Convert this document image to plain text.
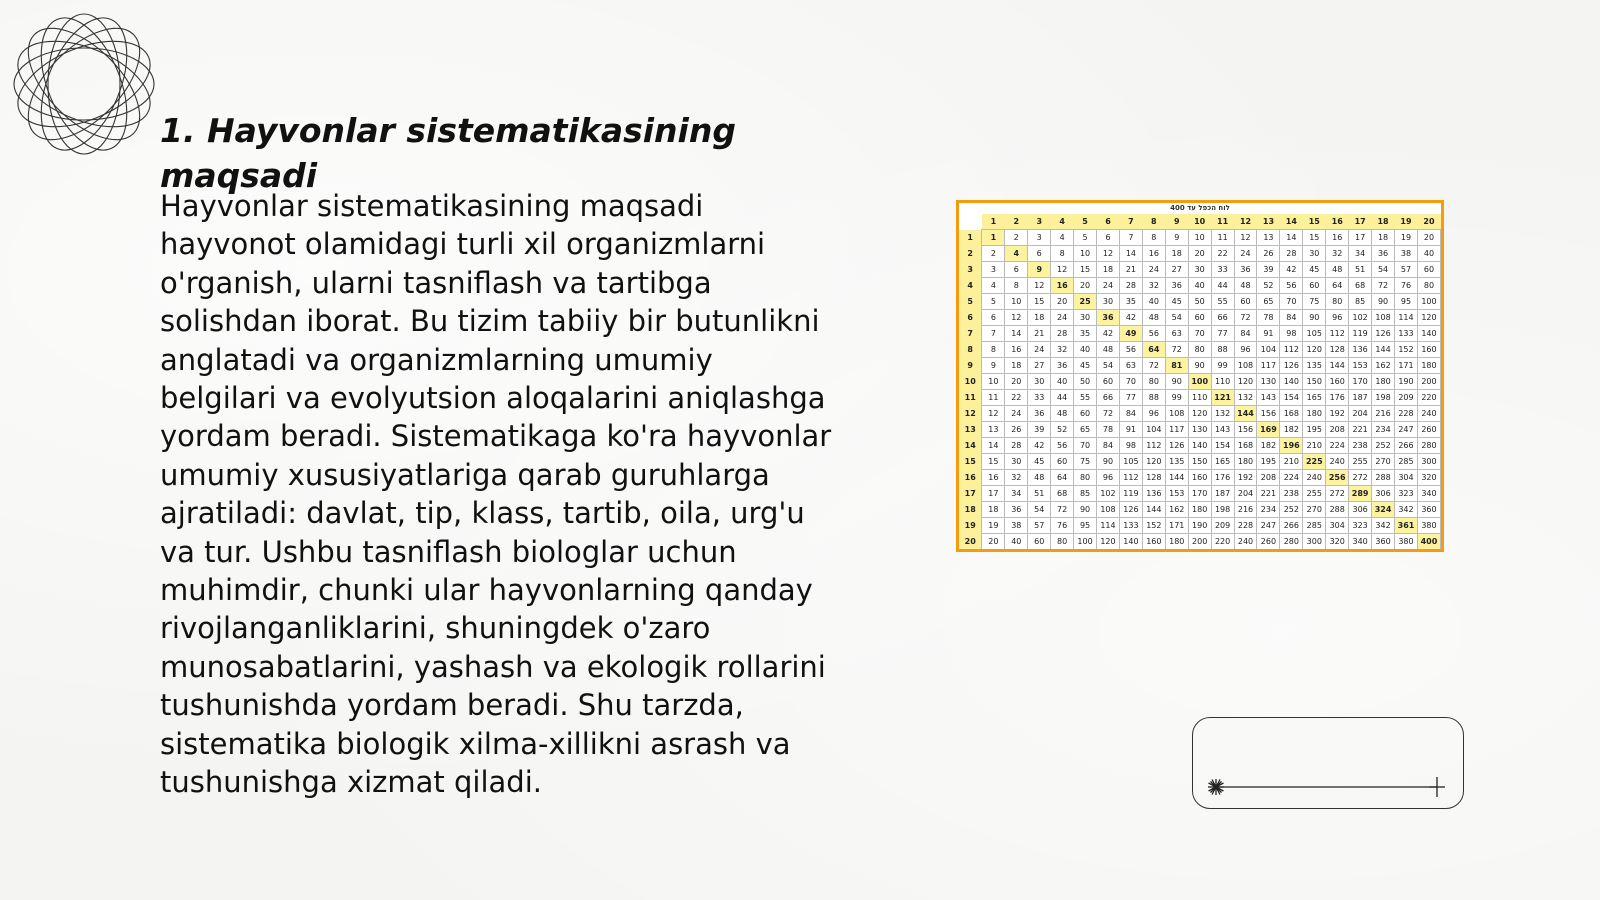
1. Hayvonlar sistematikasining maqsadi

Hayvonlar sistematikasining maqsadi hayvonot olamidagi turli xil organizmlarni o'rganish, ularni tasniflash va tartibga solishdan iborat. Bu tizim tabiiy bir butunlikni anglatadi va organizmlarning umumiy belgilari va evolyutsion aloqalarini aniqlashga yordam beradi. Sistematikaga ko'ra hayvonlar umumiy xususiyatlariga qarab guruhlarga ajratiladi: davlat, tip, klass, tartib, oila, urg'u va tur. Ushbu tasniflash biologlar uchun muhimdir, chunki ular hayvonlarning qanday rivojlanganliklarini, shuningdek o'zaro munosabatlarini, yashash va ekologik rollarini tushunishda yordam beradi. Shu tarzda, sistematika biologik xilma-xillikni asrash va tushunishga xizmat qiladi.

לוח הכפל עד 400
	1	2	3	4	5	6	7	8	9	10	11	12	13	14	15	16	17	18	19	20
1	1	2	3	4	5	6	7	8	9	10	11	12	13	14	15	16	17	18	19	20
2	2	4	6	8	10	12	14	16	18	20	22	24	26	28	30	32	34	36	38	40
3	3	6	9	12	15	18	21	24	27	30	33	36	39	42	45	48	51	54	57	60
4	4	8	12	16	20	24	28	32	36	40	44	48	52	56	60	64	68	72	76	80
5	5	10	15	20	25	30	35	40	45	50	55	60	65	70	75	80	85	90	95	100
6	6	12	18	24	30	36	42	48	54	60	66	72	78	84	90	96	102	108	114	120
7	7	14	21	28	35	42	49	56	63	70	77	84	91	98	105	112	119	126	133	140
8	8	16	24	32	40	48	56	64	72	80	88	96	104	112	120	128	136	144	152	160
9	9	18	27	36	45	54	63	72	81	90	99	108	117	126	135	144	153	162	171	180
10	10	20	30	40	50	60	70	80	90	100	110	120	130	140	150	160	170	180	190	200
11	11	22	33	44	55	66	77	88	99	110	121	132	143	154	165	176	187	198	209	220
12	12	24	36	48	60	72	84	96	108	120	132	144	156	168	180	192	204	216	228	240
13	13	26	39	52	65	78	91	104	117	130	143	156	169	182	195	208	221	234	247	260
14	14	28	42	56	70	84	98	112	126	140	154	168	182	196	210	224	238	252	266	280
15	15	30	45	60	75	90	105	120	135	150	165	180	195	210	225	240	255	270	285	300
16	16	32	48	64	80	96	112	128	144	160	176	192	208	224	240	256	272	288	304	320
17	17	34	51	68	85	102	119	136	153	170	187	204	221	238	255	272	289	306	323	340
18	18	36	54	72	90	108	126	144	162	180	198	216	234	252	270	288	306	324	342	360
19	19	38	57	76	95	114	133	152	171	190	209	228	247	266	285	304	323	342	361	380
20	20	40	60	80	100	120	140	160	180	200	220	240	260	280	300	320	340	360	380	400
